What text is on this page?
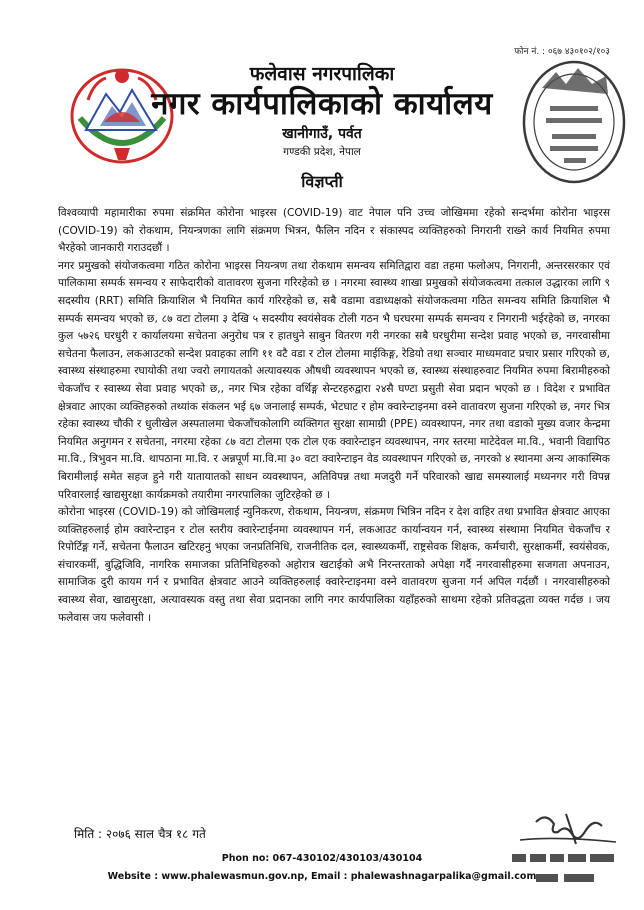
फोन नं. : ०६७ ४३०१०२/१०३
फलेवास नगरपालिका
नगर कार्यपालिकाको कार्यालय
खानीगाउँ, पर्वत
गण्डकी प्रदेश, नेपाल
विज्ञप्ती

विश्वव्यापी महामारीका रुपमा संक्रमित कोरोना भाइरस (COVID-19) वाट नेपाल पनि उच्च जोखिममा रहेको सन्दर्भमा कोरोना भाइरस (COVID-19) को रोकथाम, नियन्त्रणका लागि संक्रमण भित्रन, फैलिन नदिन र संकास्पद व्यक्तिहरुको निगरानी राख्ने कार्य नियमित रुपमा भैरहेको जानकारी गराउदछौं ।

नगर प्रमुखको संयोजकत्वमा गठित कोरोना भाइरस नियन्त्रण तथा रोकथाम समन्वय समितिद्वारा वडा तहमा फलोअप, निगरानी, अन्तरसरकार एवं पालिकामा सम्पर्क समन्वय र साफेदारीको वातावरण सुजना गरिरहेको छ । नगरमा स्वास्थ्य शाखा प्रमुखको संयोजकत्वमा तत्काल उद्धारका लागि ९ सदस्यीय (RRT) समिति क्रियाशिल भै नियमित कार्य गरिरहेको छ, सबै वडामा वडाध्यक्षको संयोजकत्वमा गठित समन्वय समिति क्रियाशिल भै सम्पर्क समन्वय भएको छ, ८७ वटा टोलमा ३ देखि ५ सदस्यीय स्वयंसेवक टोली गठन भै घरघरमा सम्पर्क समन्वय र निगरानी भईरहेको छ, नगरका कुल ५७२६ घरधुरी र कार्यालयमा सचेतना अनुरोध पत्र र हातधुने साबुन वितरण गरी नगरका सबै घरधुरीमा सन्देश प्रवाह भएको छ, नगरवासीमा सचेतना फैलाउन, लकआउटको सन्देश प्रवाहका लागि ११ वटै वडा र टोल टोलमा माईकिङ्ग, रेडियो तथा सञ्चार माध्यमवाट प्रचार प्रसार गरिएको छ, स्वास्थ्य संस्थाहरुमा रघायोकी तथा ज्वरो लगायतको अत्यावस्यक औषधी व्यवस्थापन भएको छ, स्वास्थ्य संस्थाहरुवाट नियमित रुपमा बिरामीहरुको चेकजाँच र स्वास्थ्य सेवा प्रवाह भएको छ,, नगर भित्र रहेका वर्थिङ्ग सेन्टरहरुद्वारा २४सै घण्टा प्रसुती सेवा प्रदान भएको छ । विदेश र प्रभावित क्षेत्रवाट आएका व्यक्तिहरुको तथ्यांक संकलन भई ६७ जनालाई सम्पर्क, भेटघाट र होम क्वारेन्टाइनमा वस्ने वातावरण सुजना गरिएको छ, नगर भित्र रहेका स्वास्थ्य चौकी र धुलीखेल अस्पतालमा चेकजाँचकोलागि व्यक्तिगत सुरक्षा सामाग्री (PPE) व्यवस्थापन, नगर तथा वडाको मुख्य वजार केन्द्रमा नियमित अनुगमन र सचेतना, नगरमा रहेका ८७ वटा टोलमा एक टोल एक क्वारेन्टाइन व्यवस्थापन, नगर स्तरमा माटेदेवल मा.वि., भवानी विद्यापिठ मा.वि., त्रिभुवन मा.वि. थापठाना मा.वि. र अन्नपूर्ण मा.वि.मा ३० वटा क्वारेन्टाइन वेड व्यवस्थापन गरिएको छ, नगरको ४ स्थानमा अन्य आकास्मिक बिरामीलाई समेत सहज हुने गरी यातायातको साधन व्यवस्थापन, अतिविपन्न तथा मजदुरी गर्ने परिवारको खाद्य समस्यालाई मध्यनगर गरी विपन्न परिवारलाई खाद्यसुरक्षा कार्यक्रमको तयारीमा नगरपालिका जुटिरहेको छ ।

कोरोना भाइरस (COVID-19) को जोखिमलाई न्युनिकरण, रोकथाम, नियन्त्रण, संक्रमण भित्रिन नदिन र देश वाहिर तथा प्रभावित क्षेत्रवाट आएका व्यक्तिहरुलाई होम क्वारेन्टाइन र टोल स्तरीय क्वारेन्टाईनमा व्यवस्थापन गर्न, लकआउट कार्यान्वयन गर्न, स्वास्थ्य संस्थामा नियमित चेकजाँच र रिपोर्टिङ्ग गर्ने, सचेतना फैलाउन खटिरहनु भएका जनप्रतिनिधि, राजनीतिक दल, स्वास्थ्यकर्मी, राष्ट्रसेवक शिक्षक, कर्मचारी, सुरक्षाकर्मी, स्वयंसेवक, संचारकर्मी, बुद्धिजिवि, नागरिक समाजका प्रतिनिधिहरुको अहोरात्र खटाईको अभै निरन्तरताको अपेक्षा गर्दै नगरवासीहरुमा सजगता अपनाउन, सामाजिक दुरी कायम गर्न र प्रभावित क्षेत्रवाट आउने व्यक्तिहरुलाई क्वारेन्टाइनमा वस्ने वातावरण सुजना गर्न अपिल गर्दछौं । नगरवासीहरुको स्वास्थ्य सेवा, खाद्यसुरक्षा, अत्यावस्यक वस्तु तथा सेवा प्रदानका लागि नगर कार्यपालिका यहाँहरुको साथमा रहेको प्रतिवद्धता व्यक्त गर्दछ । जय फलेवास जय फलेवासी ।

मिति : २०७६ साल चैत्र १८ गते
Phon no: 067-430102/430103/430104
Website : www.phalewasmun.gov.np, Email : phalewashnagarpalika@gmail.com
